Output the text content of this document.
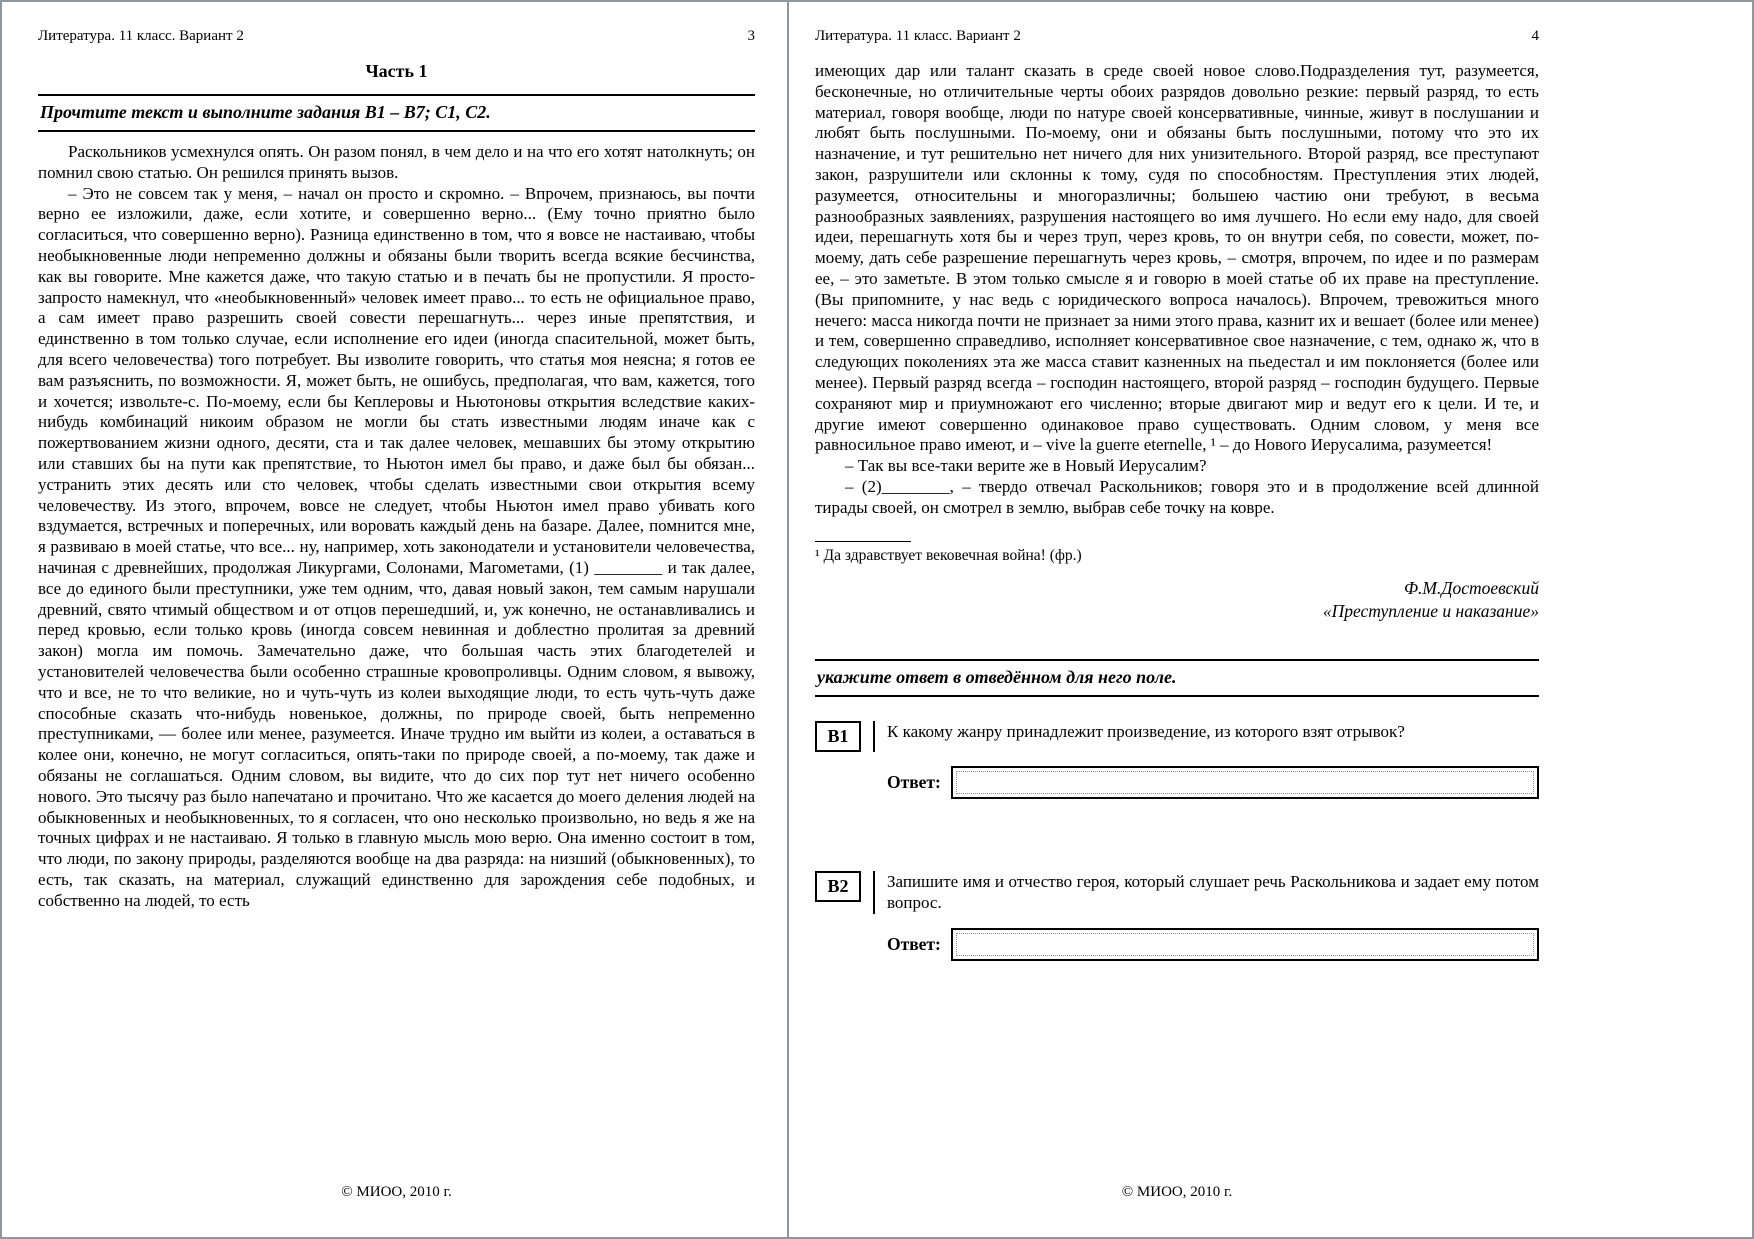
Литература. 11 класс. Вариант 2	3
Часть 1
Прочтите текст и выполните задания В1 – В7; С1, С2.

Раскольников усмехнулся опять. Он разом понял, в чем дело и на что его хотят натолкнуть; он помнил свою статью. Он решился принять вызов.

– Это не совсем так у меня, – начал он просто и скромно. – Впрочем, признаюсь, вы почти верно ее изложили, даже, если хотите, и совершенно верно... (Ему точно приятно было согласиться, что совершенно верно). Разница единственно в том, что я вовсе не настаиваю, чтобы необыкновенные люди непременно должны и обязаны были творить всегда всякие бесчинства, как вы говорите. Мне кажется даже, что такую статью и в печать бы не пропустили. Я просто-запросто намекнул, что «необыкновенный» человек имеет право... то есть не официальное право, а сам имеет право разрешить своей совести перешагнуть... через иные препятствия, и единственно в том только случае, если исполнение его идеи (иногда спасительной, может быть, для всего человечества) того потребует. Вы изволите говорить, что статья моя неясна; я готов ее вам разъяснить, по возможности. Я, может быть, не ошибусь, предполагая, что вам, кажется, того и хочется; извольте-с. По-моему, если бы Кеплеровы и Ньютоновы открытия вследствие каких-нибудь комбинаций никоим образом не могли бы стать известными людям иначе как с пожертвованием жизни одного, десяти, ста и так далее человек, мешавших бы этому открытию или ставших бы на пути как препятствие, то Ньютон имел бы право, и даже был бы обязан... устранить этих десять или сто человек, чтобы сделать известными свои открытия всему человечеству. Из этого, впрочем, вовсе не следует, чтобы Ньютон имел право убивать кого вздумается, встречных и поперечных, или воровать каждый день на базаре. Далее, помнится мне, я развиваю в моей статье, что все... ну, например, хоть законодатели и установители человечества, начиная с древнейших, продолжая Ликургами, Солонами, Магометами, (1) ________ и так далее, все до единого были преступники, уже тем одним, что, давая новый закон, тем самым нарушали древний, свято чтимый обществом и от отцов перешедший, и, уж конечно, не останавливались и перед кровью, если только кровь (иногда совсем невинная и доблестно пролитая за древний закон) могла им помочь. Замечательно даже, что большая часть этих благодетелей и установителей человечества были особенно страшные кровопроливцы. Одним словом, я вывожу, что и все, не то что великие, но и чуть-чуть из колеи выходящие люди, то есть чуть-чуть даже способные сказать что-нибудь новенькое, должны, по природе своей, быть непременно преступниками, — более или менее, разумеется. Иначе трудно им выйти из колеи, а оставаться в колее они, конечно, не могут согласиться, опять-таки по природе своей, а по-моему, так даже и обязаны не соглашаться. Одним словом, вы видите, что до сих пор тут нет ничего особенно нового. Это тысячу раз было напечатано и прочитано. Что же касается до моего деления людей на обыкновенных и необыкновенных, то я согласен, что оно несколько произвольно, но ведь я же на точных цифрах и не настаиваю. Я только в главную мысль мою верю. Она именно состоит в том, что люди, по закону природы, разделяются вообще на два разряда: на низший (обыкновенных), то есть, так сказать, на материал, служащий единственно для зарождения себе подобных, и собственно на людей, то есть

© МИОО, 2010 г.
Литература. 11 класс. Вариант 2	4

имеющих дар или талант сказать в среде своей новое слово.Подразделения тут, разумеется, бесконечные, но отличительные черты обоих разрядов довольно резкие: первый разряд, то есть материал, говоря вообще, люди по натуре своей консервативные, чинные, живут в послушании и любят быть послушными. По-моему, они и обязаны быть послушными, потому что это их назначение, и тут решительно нет ничего для них унизительного. Второй разряд, все преступают закон, разрушители или склонны к тому, судя по способностям. Преступления этих людей, разумеется, относительны и многоразличны; большею частию они требуют, в весьма разнообразных заявлениях, разрушения настоящего во имя лучшего. Но если ему надо, для своей идеи, перешагнуть хотя бы и через труп, через кровь, то он внутри себя, по совести, может, по-моему, дать себе разрешение перешагнуть через кровь, – смотря, впрочем, по идее и по размерам ее, – это заметьте. В этом только смысле я и говорю в моей статье об их праве на преступление. (Вы припомните, у нас ведь с юридического вопроса началось). Впрочем, тревожиться много нечего: масса никогда почти не признает за ними этого права, казнит их и вешает (более или менее) и тем, совершенно справедливо, исполняет консервативное свое назначение, с тем, однако ж, что в следующих поколениях эта же масса ставит казненных на пьедестал и им поклоняется (более или менее). Первый разряд всегда – господин настоящего, второй разряд – господин будущего. Первые сохраняют мир и приумножают его численно; вторые двигают мир и ведут его к цели. И те, и другие имеют совершенно одинаковое право существовать. Одним словом, у меня все равносильное право имеют, и – vive la guerre eternelle, ¹ – до Нового Иерусалима, разумеется!

– Так вы все-таки верите же в Новый Иерусалим?

– (2)________, – твердо отвечал Раскольников; говоря это и в продолжение всей длинной тирады своей, он смотрел в землю, выбрав себе точку на ковре.

¹ Да здравствует вековечная война! (фр.)

Ф.М.Достоевский
«Преступление и наказание»
укажите ответ в отведённом для него поле.
В1	К какому жанру принадлежит произведение, из которого взят отрывок?
Ответ:
В2	Запишите имя и отчество героя, который слушает речь Раскольникова и задает ему потом вопрос.
Ответ:
© МИОО, 2010 г.
